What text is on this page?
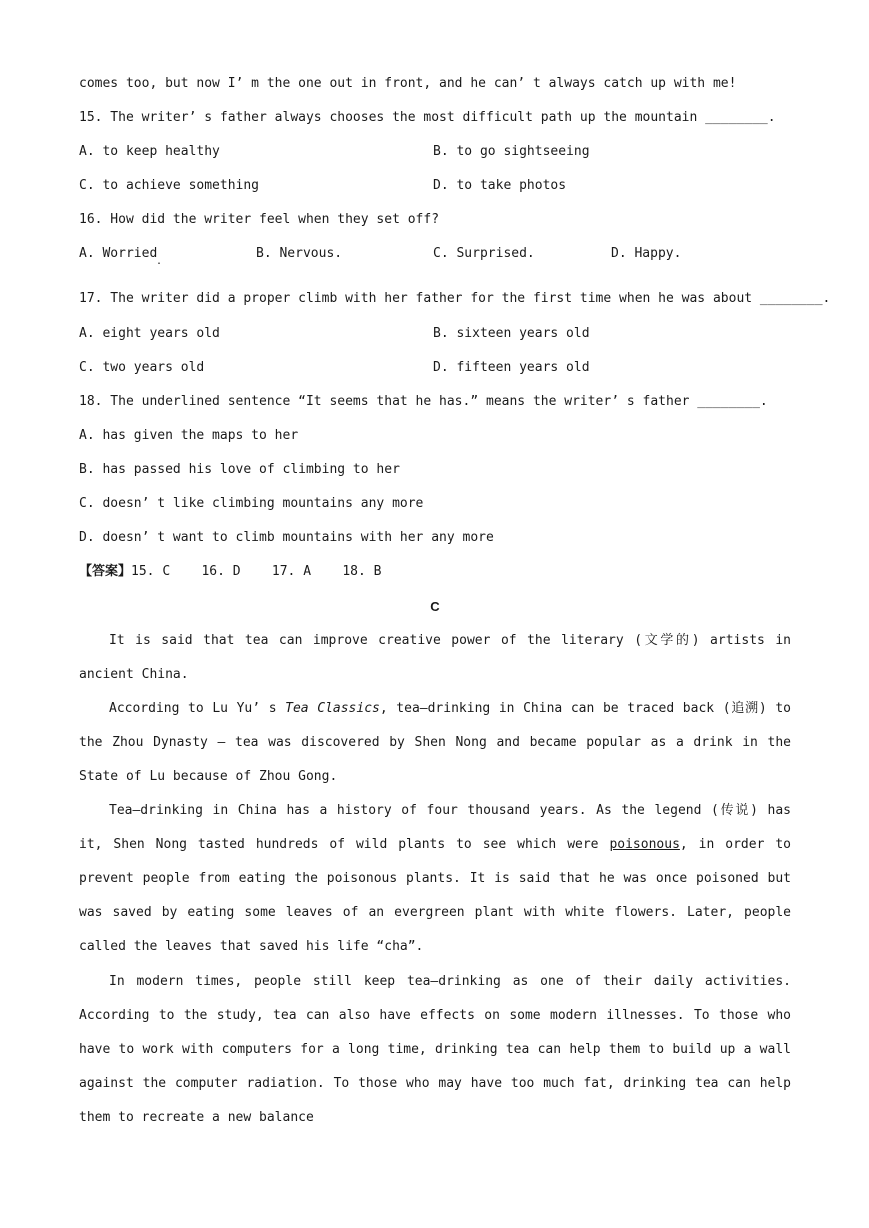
comes too, but now I’ m the one out in front, and he can’ t always catch up with me!
15. The writer’ s father always chooses the most difficult path up the mountain ________.
A. to keep healthy	B. to go sightseeing
C. to achieve something	D. to take photos
16. How did the writer feel when they set off?
A. Worried
.
B. Nervous.	C. Surprised.	D. Happy.
17. The writer did a proper climb with her father for the first time when he was about ________.
A. eight years old	B. sixteen years old
C. two years old	D. fifteen years old
18. The underlined sentence “It seems that he has.” means the writer’ s father ________.
A. has given the maps to her
B. has passed his love of climbing to her
C. doesn’ t like climbing mountains any more
D. doesn’ t want to climb mountains with her any more
【答案】15. C    16. D    17. A    18. B
C
It is said that tea can improve creative power of the literary (文学的) artists in ancient China.
According to Lu Yu’ s Tea Classics, tea—drinking in China can be traced back (追溯) to the Zhou Dynasty — tea was discovered by Shen Nong and became popular as a drink in the State of Lu because of Zhou Gong.
Tea—drinking in China has a history of four thousand years. As the legend (传说) has it, Shen Nong tasted hundreds of wild plants to see which were poisonous, in order to prevent people from eating the poisonous plants. It is said that he was once poisoned but was saved by eating some leaves of an evergreen plant with white flowers. Later, people called the leaves that saved his life “cha”.
In modern times, people still keep tea—drinking as one of their daily activities. According to the study, tea can also have effects on some modern illnesses. To those who have to work with computers for a long time, drinking tea can help them to build up a wall against the computer radiation. To those who may have too much fat, drinking tea can help them to recreate a new balance
